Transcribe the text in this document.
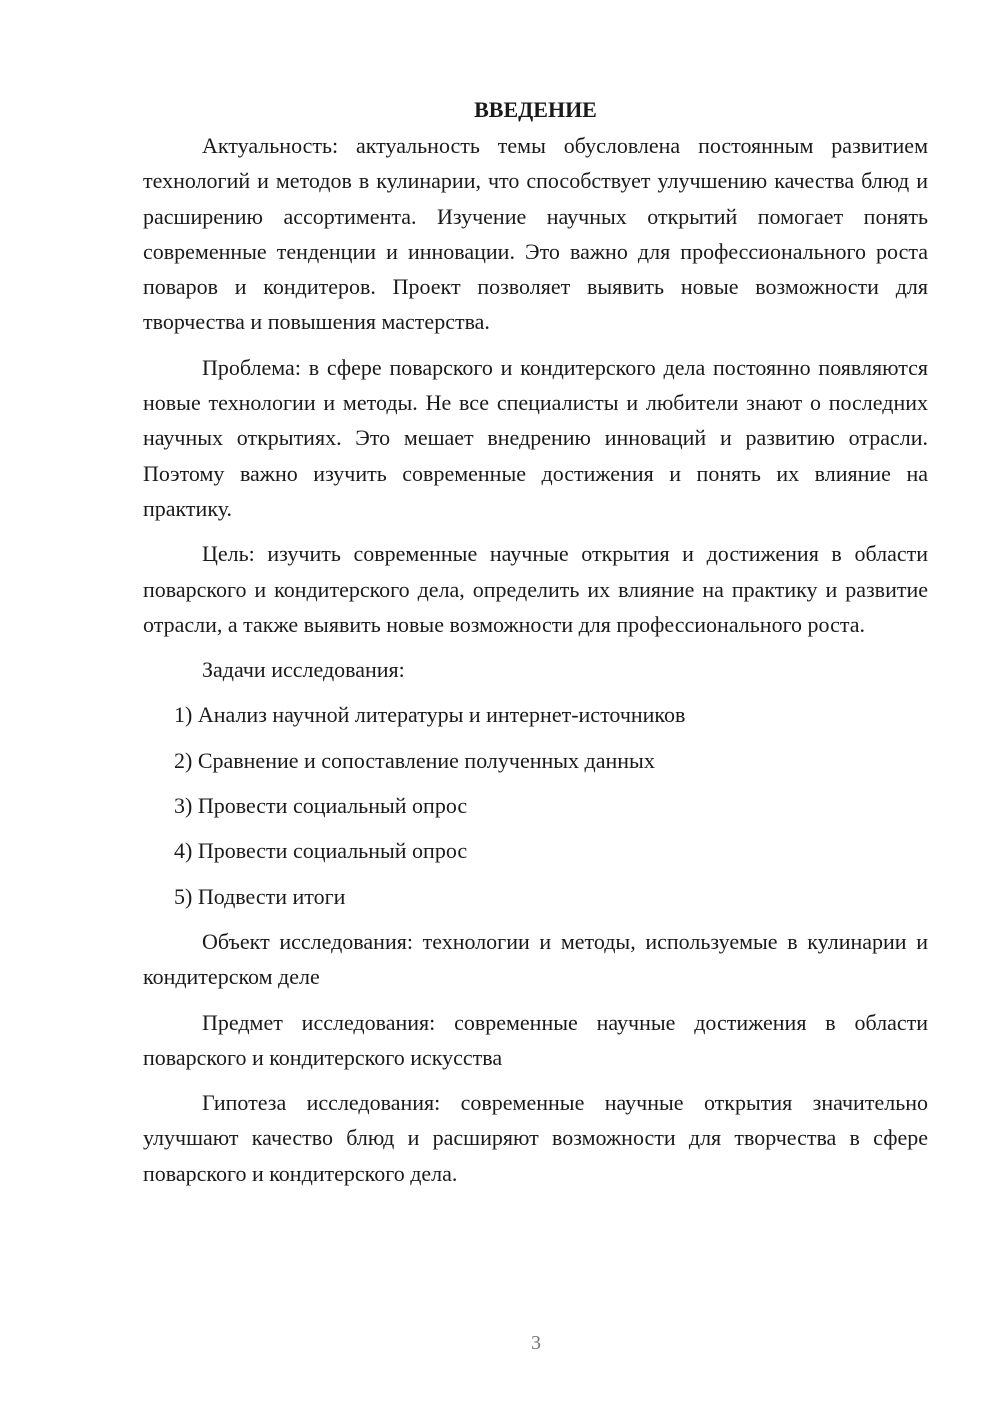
ВВЕДЕНИЕ

Актуальность: актуальность темы обусловлена постоянным развитием технологий и методов в кулинарии, что способствует улучшению качества блюд и расширению ассортимента. Изучение научных открытий помогает понять современные тенденции и инновации. Это важно для профессионального роста поваров и кондитеров. Проект позволяет выявить новые возможности для творчества и повышения мастерства.

Проблема: в сфере поварского и кондитерского дела постоянно появляются новые технологии и методы. Не все специалисты и любители знают о последних научных открытиях. Это мешает внедрению инноваций и развитию отрасли. Поэтому важно изучить современные достижения и понять их влияние на практику.

Цель: изучить современные научные открытия и достижения в области поварского и кондитерского дела, определить их влияние на практику и развитие отрасли, а также выявить новые возможности для профессионального роста.

Задачи исследования:

1) Анализ научной литературы и интернет-источников

2) Сравнение и сопоставление полученных данных

3) Провести социальный опрос

4) Провести социальный опрос

5) Подвести итоги

Объект исследования: технологии и методы, используемые в кулинарии и кондитерском деле

Предмет исследования: современные научные достижения в области поварского и кондитерского искусства

Гипотеза исследования: современные научные открытия значительно улучшают качество блюд и расширяют возможности для творчества в сфере поварского и кондитерского дела.

3
